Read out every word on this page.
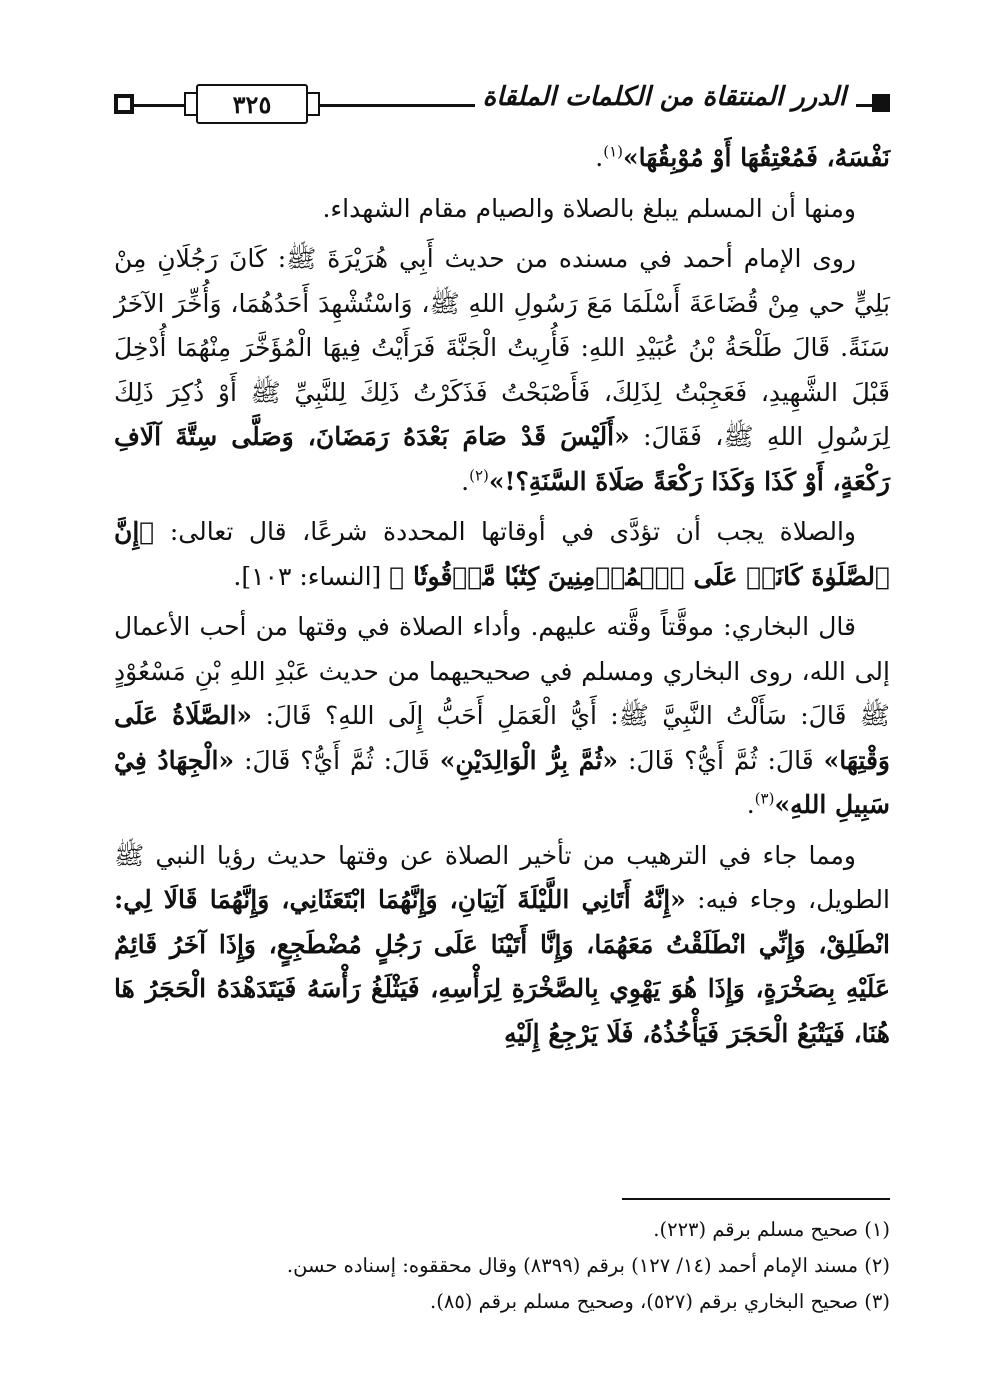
٣٢٥	الدرر المنتقاة من الكلمات الملقاة

نَفْسَهُ، فَمُعْتِقُهَا أَوْ مُوْبِقُهَا»$^{(١)}$.

ومنها أن المسلم يبلغ بالصلاة والصيام مقام الشهداء.

روى الإمام أحمد في مسنده من حديث أَبِي هُرَيْرَةَ ﷺ: كَانَ رَجُلَانِ مِنْ بَلِيٍّ حي مِنْ قُضَاعَةَ أَسْلَمَا مَعَ رَسُولِ اللهِ ﷺ، وَاسْتُشْهِدَ أَحَدُهُمَا، وَأُخِّرَ الآخَرُ سَنَةً. قَالَ طَلْحَةُ بْنُ عُبَيْدِ اللهِ: فَأُرِيتُ الْجَنَّةَ فَرَأَيْتُ فِيهَا الْمُؤَخَّرَ مِنْهُمَا أُدْخِلَ قَبْلَ الشَّهِيدِ، فَعَجِبْتُ لِذَلِكَ، فَأَصْبَحْتُ فَذَكَرْتُ ذَلِكَ لِلنَّبِيِّ ﷺ أَوْ ذُكِرَ ذَلِكَ لِرَسُولِ اللهِ ﷺ، فَقَالَ: «أَلَيْسَ قَدْ صَامَ بَعْدَهُ رَمَضَانَ، وَصَلَّى سِتَّةَ آلَافِ رَكْعَةٍ، أَوْ كَذَا وَكَذَا رَكْعَةً صَلَاةَ السَّنَةِ؟!»$^{(٢)}$.

والصلاة يجب أن تؤدَّى في أوقاتها المحددة شرعًا، قال تعالى: ﴿إِنَّ ٱلصَّلَوٰةَ كَانَتۡ عَلَى ٱلۡمُؤۡمِنِينَ كِتَٰبٗا مَّوۡقُوتٗا ﴾ [النساء: ١٠٣].

قال البخاري: موقَّتاً وقَّته عليهم. وأداء الصلاة في وقتها من أحب الأعمال إلى الله، روى البخاري ومسلم في صحيحيهما من حديث عَبْدِ اللهِ بْنِ مَسْعُوْدٍ ﷺ قَالَ: سَأَلْتُ النَّبِيَّ ﷺ: أَيُّ الْعَمَلِ أَحَبُّ إِلَى اللهِ؟ قَالَ: «الصَّلَاةُ عَلَى وَقْتِهَا» قَالَ: ثُمَّ أَيُّ؟ قَالَ: «ثُمَّ بِرُّ الْوَالِدَيْنِ» قَالَ: ثُمَّ أَيُّ؟ قَالَ: «الْجِهَادُ فِيْ سَبِيلِ اللهِ»$^{(٣)}$.

ومما جاء في الترهيب من تأخير الصلاة عن وقتها حديث رؤيا النبي ﷺ الطويل، وجاء فيه: «إِنَّهُ أَتَانِي اللَّيْلَةَ آتِيَانِ، وَإِنَّهُمَا ابْتَعَثَانِي، وَإِنَّهُمَا قَالَا لِي: انْطَلِقْ، وَإِنِّي انْطَلَقْتُ مَعَهُمَا، وَإِنَّا أَتَيْنَا عَلَى رَجُلٍ مُضْطَجِعٍ، وَإِذَا آخَرُ قَائِمٌ عَلَيْهِ بِصَخْرَةٍ، وَإِذَا هُوَ يَهْوِي بِالصَّخْرَةِ لِرَأْسِهِ، فَيَثْلَغُ رَأْسَهُ فَيَتَدَهْدَهُ الْحَجَرُ هَا هُنَا، فَيَتْبَعُ الْحَجَرَ فَيَأْخُذُهُ، فَلَا يَرْجِعُ إِلَيْهِ

(١) صحيح مسلم برقم (٢٢٣).

(٢) مسند الإمام أحمد (١٤/ ١٢٧) برقم (٨٣٩٩) وقال محققوه: إسناده حسن.

(٣) صحيح البخاري برقم (٥٢٧)، وصحيح مسلم برقم (٨٥).
